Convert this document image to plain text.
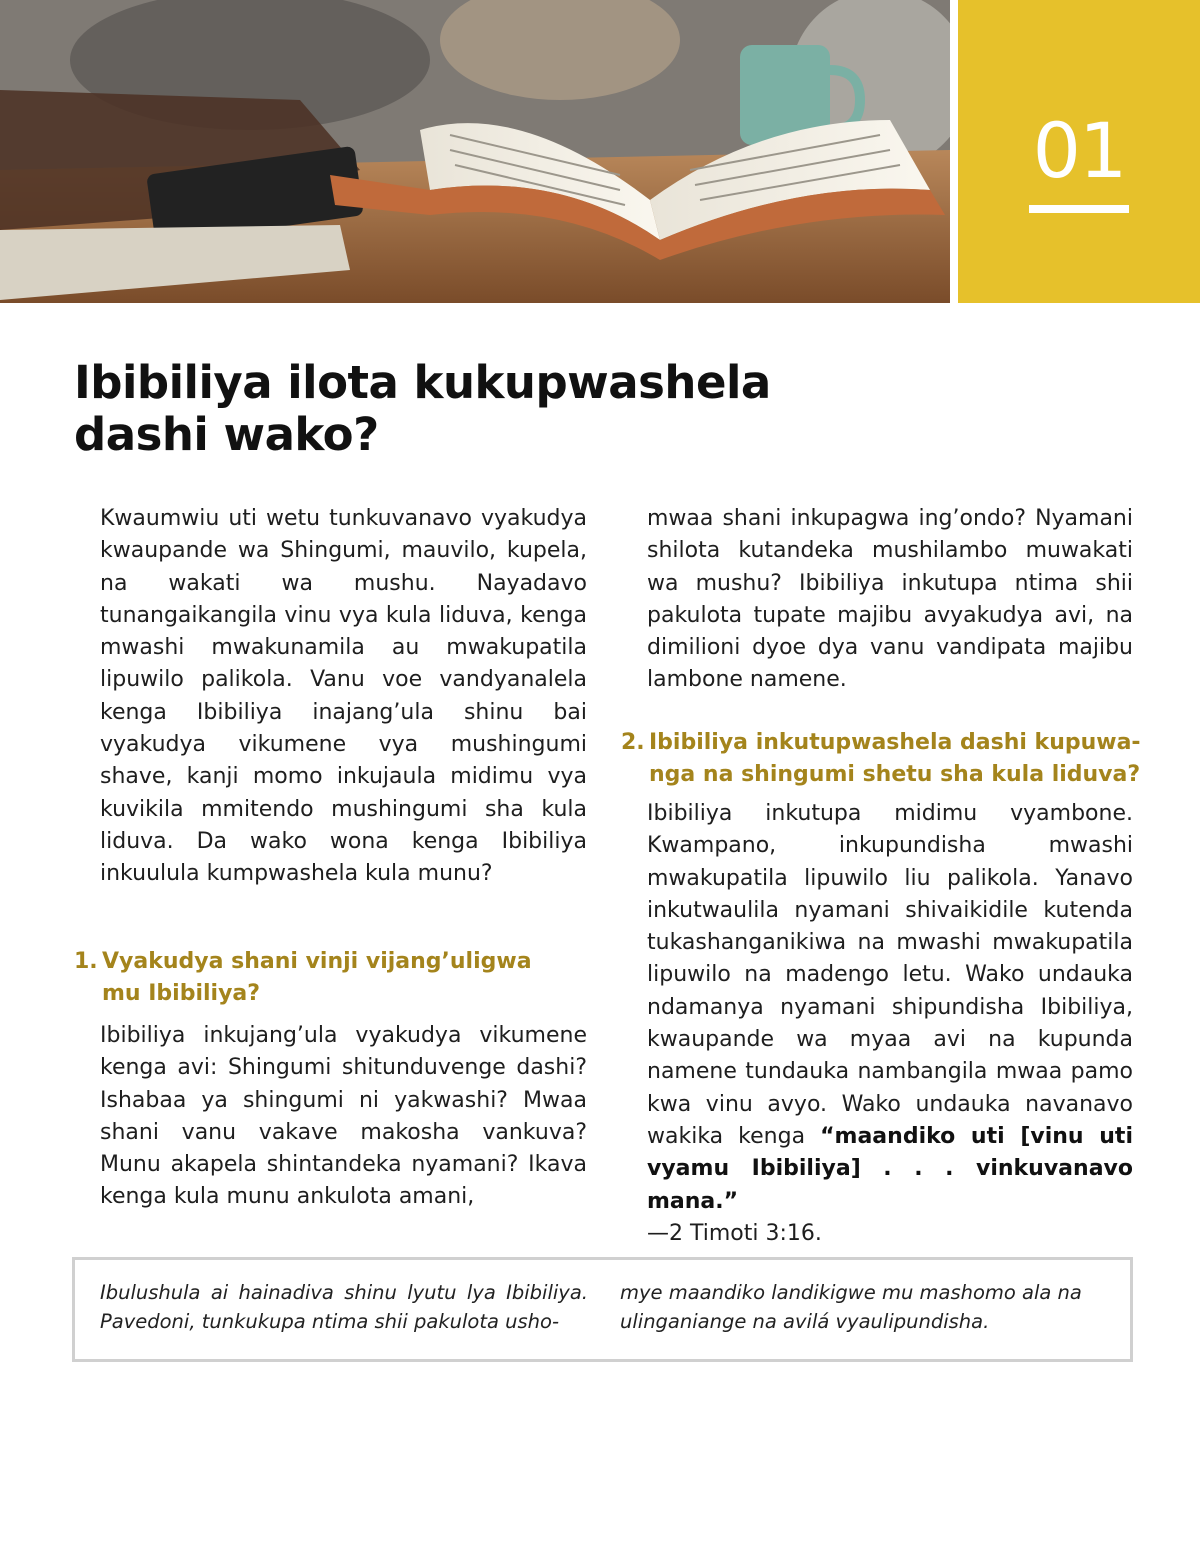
01
Ibibiliya ilota kukupwashela
dashi wako?

Kwaumwiu uti wetu tunkuvanavo vyakudya kwaupande wa Shingumi, mauvilo, kupela, na wakati wa mushu. Nayadavo tunangaikangila vinu vya kula liduva, kenga mwashi mwakunamila au mwakupatila lipuwilo palikola. Vanu voe vandyanalela kenga Ibibiliya inajang’ula shinu bai vyakudya vikumene vya mushingumi shave, kanji momo inkujaula midimu vya kuvikila mmitendo mushingumi sha kula liduva. Da wako wona kenga Ibibiliya inkuulula kumpwashela kula munu?

1. Vyakudya shani vinji vijang’uligwa
mu Ibibiliya?

Ibibiliya inkujang’ula vyakudya vikumene kenga avi: Shingumi shitunduvenge dashi? Ishabaa ya shingumi ni yakwashi? Mwaa shani vanu vakave makosha vankuva? Munu akapela shintandeka nyamani? Ikava kenga kula munu ankulota amani,

mwaa shani inkupagwa ing’ondo? Nyamani shilota kutandeka mushilambo muwakati wa mushu? Ibibiliya inkutupa ntima shii pakulota tupate majibu avyakudya avi, na dimilioni dyoe dya vanu vandipata majibu lambone namene.

2. Ibibiliya inkutupwashela dashi kupuwa-
nga na shingumi shetu sha kula liduva?

Ibibiliya inkutupa midimu vyambone. Kwampano, inkupundisha mwashi mwakupatila lipuwilo liu palikola. Yanavo inkutwaulila nyamani shivaikidile kutenda tukashanganikiwa na mwashi mwakupatila lipuwilo na madengo letu. Wako undauka ndamanya nyamani shipundisha Ibibiliya, kwaupande wa myaa avi na kupunda namene tundauka nambangila mwaa pamo kwa vinu avyo. Wako undauka navanavo wakika kenga “maandiko uti [vinu uti vyamu Ibibiliya] . . . vinkuvanavo mana.”

—2 Timoti 3:16.

Ibulushula ai hainadiva shinu lyutu lya Ibibiliya. Pavedoni, tunkukupa ntima shii pakulota usho-
mye maandiko landikigwe mu mashomo ala na ulinganiange na avilá vyaulipundisha.
